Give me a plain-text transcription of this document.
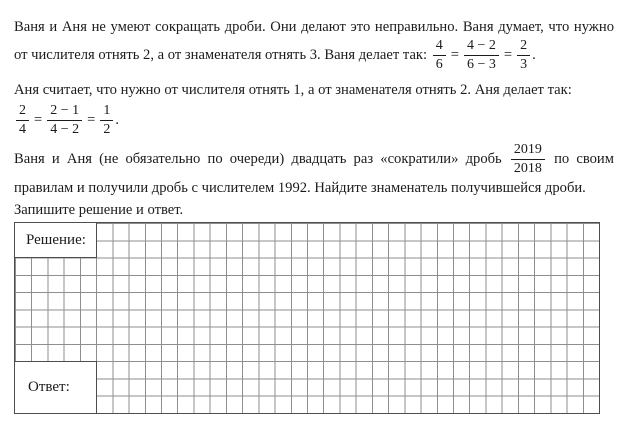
Ваня и Аня не умеют сокращать дроби. Они делают это неправильно. Ваня думает, что нужно от числителя отнять 2, а от знаменателя отнять 3. Ваня делает так: $\frac{4}{6} = \frac{4 - 2}{6 - 3} = \frac{2}{3}$ .

Аня считает, что нужно от числителя отнять 1, а от знаменателя отнять 2. Аня делает так:

$\frac{2}{4} = \frac{2 - 1}{4 - 2} = \frac{1}{2}$ .

Ваня и Аня (не обязательно по очереди) двадцать раз «сократили» дробь $\frac{2019}{2018}$ по своим правилам и получили дробь с числителем 1992. Найдите знаменатель получившейся дроби.

Запишите решение и ответ.

Решение:
Ответ:
